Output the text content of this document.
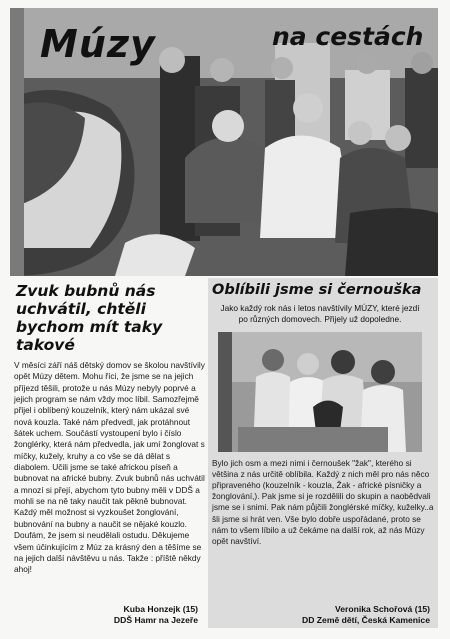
Múzy	na cestách
Zvuk bubnů nás uchvátil, chtěli bychom mít taky takové
V měsíci září náš dětský domov se školou navštívily opět Múzy dětem. Mohu říci, že jsme se na jejich příjezd těšili, protože u nás Múzy nebyly poprvé a jejich program se nám vždy moc líbil. Samozřejmě přijel i oblíbený kouzelník, který nám ukázal své nová kouzla. Také nám předvedl, jak protáhnout šátek uchem. Součástí vystoupení bylo i číslo žonglérky, která nám předvedla, jak umí žonglovat s míčky, kužely, kruhy a co vše se dá dělat s diabolem. Učili jsme se také africkou píseň a bubnovat na africké bubny. Zvuk bubnů nás uchvátil a mnozí si přejí, abychom tyto bubny měli v DDŠ a mohli se na ně taky naučit tak pěkně bubnovat. Každý měl možnost si vyzkoušet žonglování, bubnování na bubny a naučit se nějaké kouzlo. Doufám, že jsem si neudělali ostudu. Děkujeme všem účinkujícím z Múz za krásný den a těšíme se na jejich další návštěvu u nás. Takže : příště někdy ahoj!
Kuba Honzejk (15)
DDŠ Hamr na Jezeře
Oblíbili jsme si černouška
Jako každý rok nás i letos navštívily MÚZY, které jezdí po různých domovech. Přijely už dopoledne.
Bylo jich osm a mezi nimi i černoušek "žak", kterého si většina z nás určitě oblíbila. Každý z nich měl pro nás něco připraveného (kouzelník - kouzla, Žak - africké písničky a žonglování,). Pak jsme si je rozdělili do skupin a naobědvali jsme se i snimi. Pak nám půjčili žonglérské míčky, kuželky..a šli jsme si hrát ven. Vše bylo dobře uspořádané, proto se nám to všem líbilo a už čekáme na další rok, až nás Múzy opět navštíví.
Veronika Schořová (15)
DD Země dětí, Česká Kamenice
